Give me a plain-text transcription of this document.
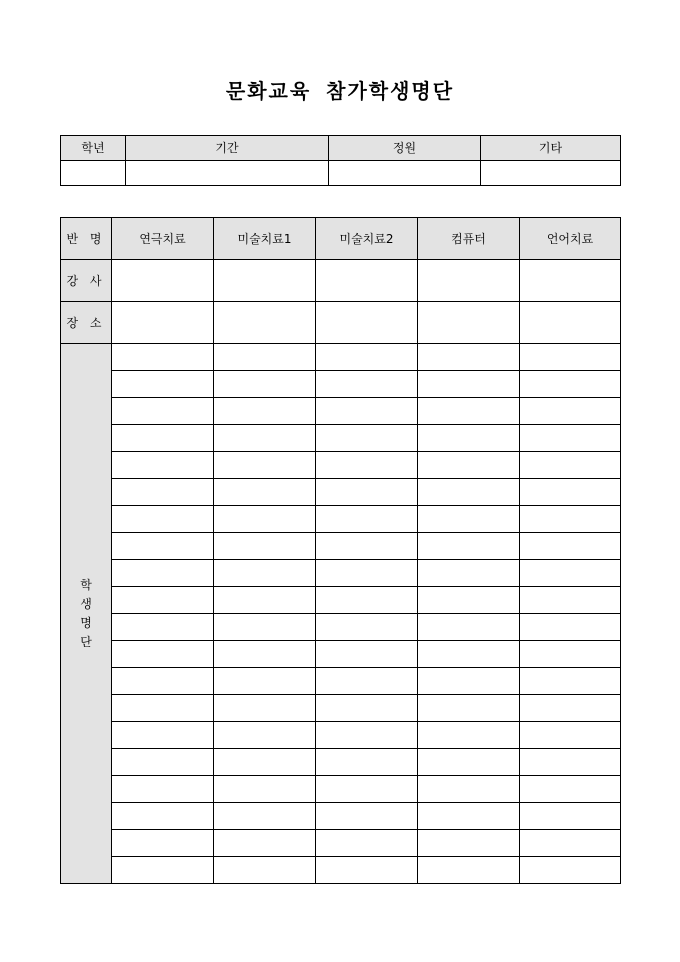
문화교육 참가학생명단
학년	기간	정원	기타

반 명	연극치료	미술치료1	미술치료2	컴퓨터	언어치료
강 사					
장 소					

학생명단					
